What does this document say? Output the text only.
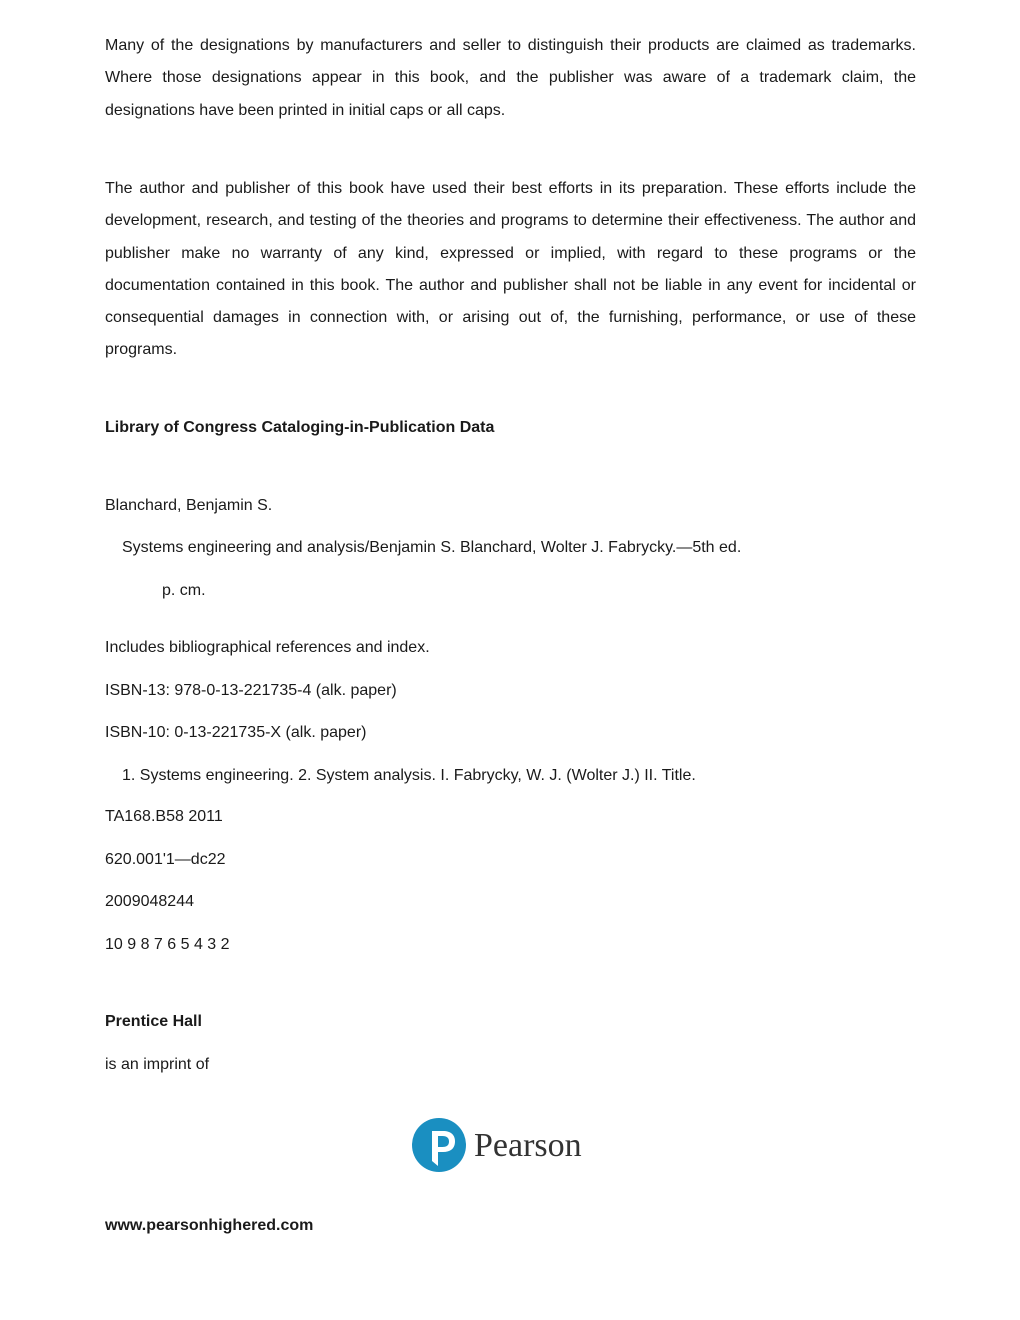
Many of the designations by manufacturers and seller to distinguish their products are claimed as trademarks. Where those designations appear in this book, and the publisher was aware of a trademark claim, the designations have been printed in initial caps or all caps.

The author and publisher of this book have used their best efforts in its preparation. These efforts include the development, research, and testing of the theories and programs to determine their effectiveness. The author and publisher make no warranty of any kind, expressed or implied, with regard to these programs or the documentation contained in this book. The author and publisher shall not be liable in any event for incidental or consequential damages in connection with, or arising out of, the furnishing, performance, or use of these programs.

Library of Congress Cataloging-in-Publication Data
Blanchard, Benjamin S.
Systems engineering and analysis/Benjamin S. Blanchard, Wolter J. Fabrycky.—5th ed.
p. cm.
Includes bibliographical references and index.
ISBN-13: 978-0-13-221735-4 (alk. paper)
ISBN-10: 0-13-221735-X (alk. paper)
1. Systems engineering. 2. System analysis. I. Fabrycky, W. J. (Wolter J.) II. Title.
TA168.B58 2011
620.001'1—dc22
2009048244
10 9 8 7 6 5 4 3 2
Prentice Hall
is an imprint of
Pearson
www.pearsonhighered.com
